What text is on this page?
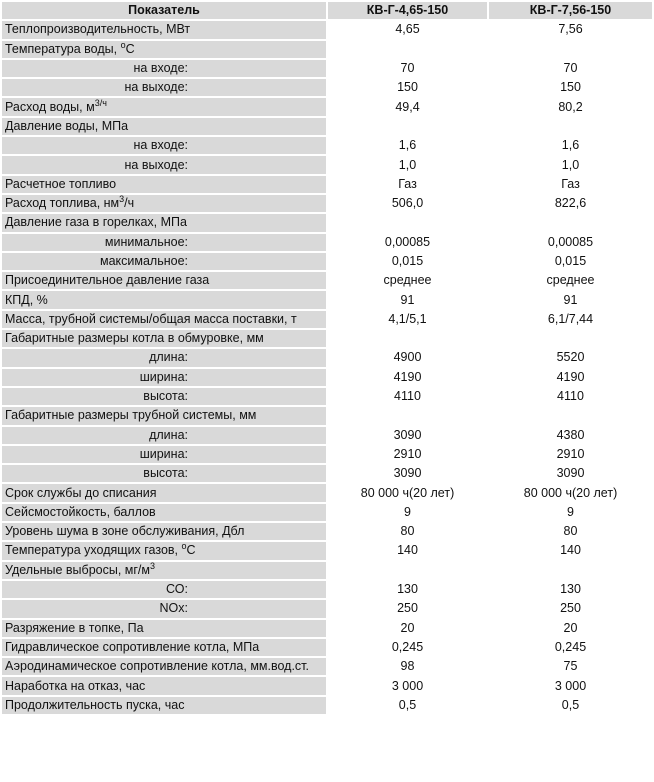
Показатель	КВ-Г-4,65-150	КВ-Г-7,56-150
Теплопроизводительность, МВт	4,65	7,56
Температура воды, $^о$С		
на входе:	70	70
на выходе:	150	150
Расход воды, $м^{3/ч}$	49,4	80,2
Давление воды, МПа		
на входе:	1,6	1,6
на выходе:	1,0	1,0
Расчетное топливо	Газ	Газ
Расход топлива, $нм^3/ч$	506,0	822,6
Давление газа в горелках, МПа		
минимальное:	0,00085	0,00085
максимальное:	0,015	0,015
Присоединительное давление газа	среднее	среднее
КПД, %	91	91
Масса, трубной системы/общая масса поставки, т	4,1/5,1	6,1/7,44
Габаритные размеры котла в обмуровке, мм		
длина:	4900	5520
ширина:	4190	4190
высота:	4110	4110
Габаритные размеры трубной системы, мм		
длина:	3090	4380
ширина:	2910	2910
высота:	3090	3090
Срок службы до списания	80 000 ч(20 лет)	80 000 ч(20 лет)
Сейсмостойкость, баллов	9	9
Уровень шума в зоне обслуживания, Дбл	80	80
Температура уходящих газов, $^о$С	140	140
Удельные выбросы, $мг/м^3$		
СО:	130	130
NOx:	250	250
Разряжение в топке, Па	20	20
Гидравлическое сопротивление котла, МПа	0,245	0,245
Аэродинамическое сопротивление котла, мм.вод.ст.	98	75
Наработка на отказ, час	3 000	3 000
Продолжительность пуска, час	0,5	0,5
